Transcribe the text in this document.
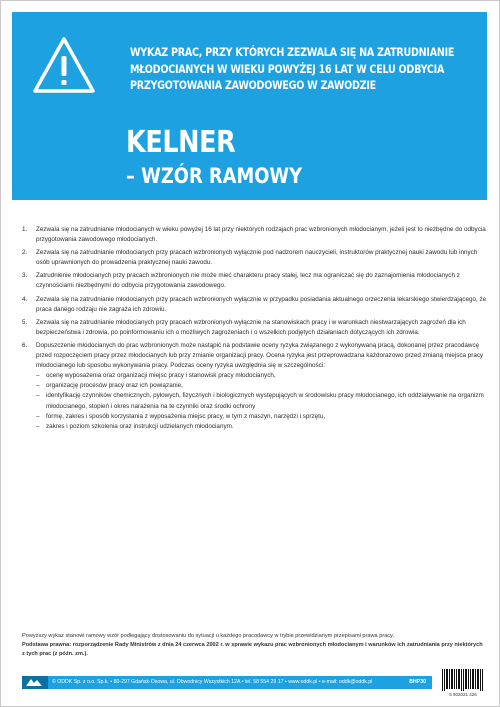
WYKAZ PRAC, PRZY KTÓRYCH ZEZWALA SIĘ NA ZATRUDNIANIE
MŁODOCIANYCH W WIEKU POWYŻEJ 16 LAT W CELU ODBYCIA
PRZYGOTOWANIA ZAWODOWEGO W ZAWODZIE
KELNER
– WZÓR RAMOWY
1. Zezwala się na zatrudnianie młodocianych w wieku powyżej 16 lat przy niektórych rodzajach prac wzbronionych młodocianym, jeżeli jest to niezbędne do odbycia przygotowania zawodowego młodocianych.
2. Zezwala się na zatrudnianie młodocianych przy pracach wzbronionych wyłącznie pod nadzorem nauczycieli, instruktorów praktycznej nauki zawodu lub innych osób uprawnionych do prowadzenia praktycznej nauki zawodu.
3. Zatrudnienie młodocianych przy pracach wzbronionych nie może mieć charakteru pracy stałej, lecz ma ograniczać się do zaznajomienia młodocianych z czynnościami niezbędnymi do odbycia przygotowania zawodowego.
4. Zezwala się na zatrudnianie młodocianych przy pracach wzbronionych wyłącznie w przypadku posiadania aktualnego orzeczenia lekarskiego stwierdzającego, że praca danego rodzaju nie zagraża ich zdrowiu.
5. Zezwala się na zatrudnianie młodocianych przy pracach wzbronionych wyłącznie na stanowiskach pracy i w warunkach niestwarzających zagrożeń dla ich bezpieczeństwa i zdrowia, po poinformowaniu ich o możliwych zagrożeniach i o wszelkich podjętych działaniach dotyczących ich zdrowia.
6. Dopuszczenie młodocianych do prac wzbronionych może nastąpić na podstawie oceny ryzyka związanego z wykonywaną pracą, dokonanej przez pracodawcę przed rozpoczęciem pracy przez młodocianych lub przy zmianie organizacji pracy. Ocena ryzyka jest przeprowadzana każdorazowo przed zmianą miejsca pracy młodocianego lub sposobu wykonywania pracy. Podczas oceny ryzyka uwzględnia się w szczególności:
– ocenę wyposażenia oraz organizacji miejsc pracy i stanowisk pracy młodocianych,
– organizację procesów pracy oraz ich powiązanie,
– identyfikację czynników chemicznych, pyłowych, fizycznych i biologicznych występujących w środowisku pracy młodocianego, ich oddziaływanie na organizm młodocianego, stopień i okres narażenia na te czynniki oraz środki ochrony
– formę, zakres i sposób korzystania z wyposażenia miejsc pracy, w tym z maszyn, narzędzi i sprzętu,
– zakres i poziom szkolenia oraz instrukcji udzielanych młodocianym.
Powyższy wykaz stanowi ramowy wzór podlegający dostosowaniu do sytuacji u każdego pracodawcy w trybie przewidzianym przepisami prawa pracy.
Podstawa prawna: rozporządzenie Rady Ministrów z dnia 24 czerwca 2002 r. w sprawie wykazu prac wzbronionych młodocianym i warunków ich zatrudniania przy niektórych z tych prac (z późn. zm.).
© ODDK Sp. z o.o. Sp.k. • 80-297 Gdańsk-Osowa, ul. Obwodnicy Wszystkich 12A • tel. 58 554 29 17 • www.oddk.pl • e-mail: oddk@oddk.pl	BHP30
5 902021 426
